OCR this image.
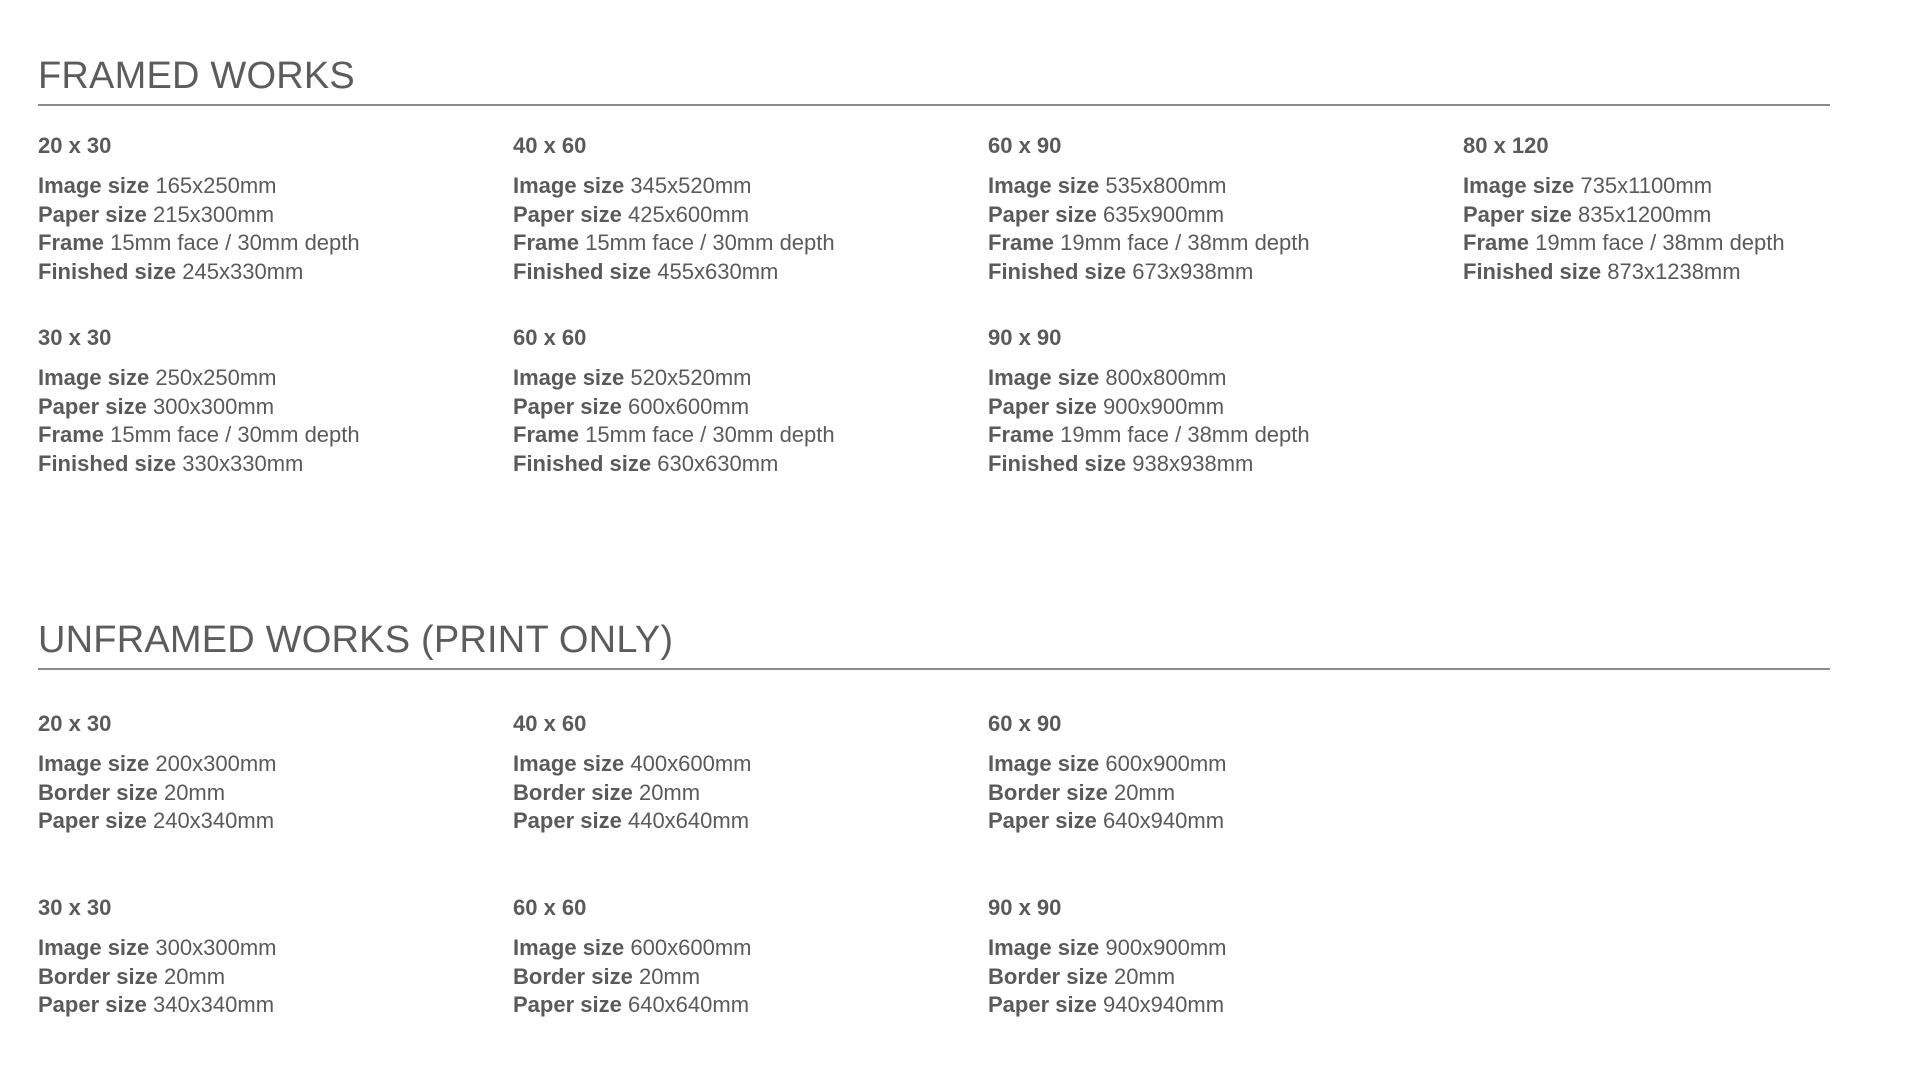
FRAMED WORKS
20 x 30
Image size 165x250mm
Paper size 215x300mm
Frame 15mm face / 30mm depth
Finished size 245x330mm
40 x 60
Image size 345x520mm
Paper size 425x600mm
Frame 15mm face / 30mm depth
Finished size 455x630mm
60 x 90
Image size 535x800mm
Paper size 635x900mm
Frame 19mm face / 38mm depth
Finished size 673x938mm
80 x 120
Image size 735x1100mm
Paper size 835x1200mm
Frame 19mm face / 38mm depth
Finished size 873x1238mm
30 x 30
Image size 250x250mm
Paper size 300x300mm
Frame 15mm face / 30mm depth
Finished size 330x330mm
60 x 60
Image size 520x520mm
Paper size 600x600mm
Frame 15mm face / 30mm depth
Finished size 630x630mm
90 x 90
Image size 800x800mm
Paper size 900x900mm
Frame 19mm face / 38mm depth
Finished size 938x938mm
UNFRAMED WORKS (PRINT ONLY)
20 x 30
Image size 200x300mm
Border size 20mm
Paper size 240x340mm
40 x 60
Image size 400x600mm
Border size 20mm
Paper size 440x640mm
60 x 90
Image size 600x900mm
Border size 20mm
Paper size 640x940mm
30 x 30
Image size 300x300mm
Border size 20mm
Paper size 340x340mm
60 x 60
Image size 600x600mm
Border size 20mm
Paper size 640x640mm
90 x 90
Image size 900x900mm
Border size 20mm
Paper size 940x940mm
